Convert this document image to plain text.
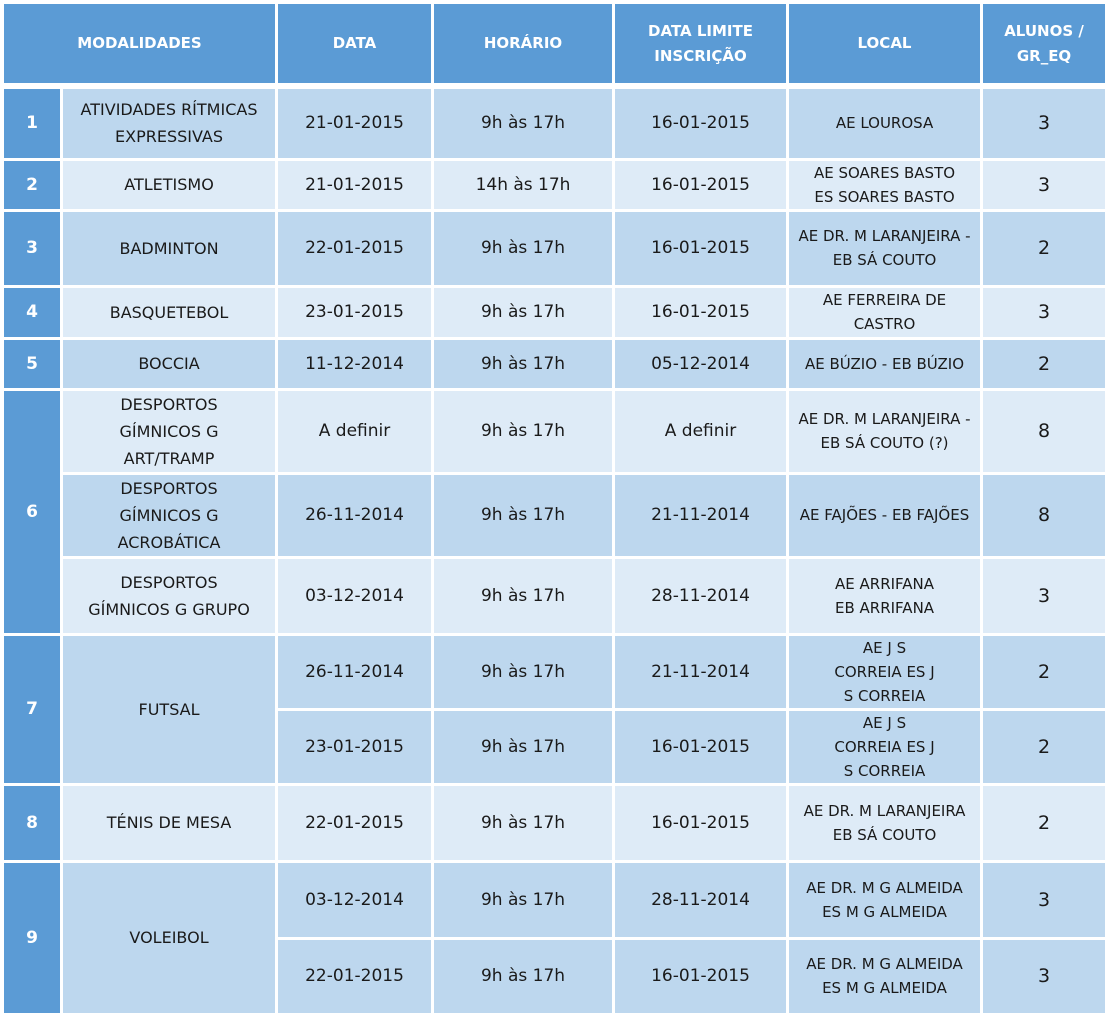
MODALIDADES		DATA	HORÁRIO	DATA LIMITE INSCRIÇÃO	LOCAL	ALUNOS / GR_EQ
1	ATIVIDADES RÍTMICAS EXPRESSIVAS	21-01-2015	9h às 17h	16-01-2015	AE LOUROSA	3
2	ATLETISMO	21-01-2015	14h às 17h	16-01-2015	AE SOARES BASTO ES SOARES BASTO	3
3	BADMINTON	22-01-2015	9h às 17h	16-01-2015	AE DR. M LARANJEIRA - EB SÁ COUTO	2
4	BASQUETEBOL	23-01-2015	9h às 17h	16-01-2015	AE FERREIRA DE CASTRO	3
5	BOCCIA	11-12-2014	9h às 17h	05-12-2014	AE BÚZIO - EB BÚZIO	2
6	DESPORTOS GÍMNICOS G ART/TRAMP	A definir	9h às 17h	A definir	AE DR. M LARANJEIRA - EB SÁ COUTO (?)	8
	DESPORTOS GÍMNICOS G ACROBÁTICA	26-11-2014	9h às 17h	21-11-2014	AE FAJÕES - EB FAJÕES	8
	DESPORTOS GÍMNICOS G GRUPO	03-12-2014	9h às 17h	28-11-2014	AE ARRIFANA EB ARRIFANA	3
7	FUTSAL	26-11-2014	9h às 17h	21-11-2014	AE J S CORREIA ES J S CORREIA	2
		23-01-2015	9h às 17h	16-01-2015	AE J S CORREIA ES J S CORREIA	2
8	TÉNIS DE MESA	22-01-2015	9h às 17h	16-01-2015	AE DR. M LARANJEIRA EB SÁ COUTO	2
9	VOLEIBOL	03-12-2014	9h às 17h	28-11-2014	AE DR. M G ALMEIDA ES M G ALMEIDA	3
		22-01-2015	9h às 17h	16-01-2015	AE DR. M G ALMEIDA ES M G ALMEIDA	3
